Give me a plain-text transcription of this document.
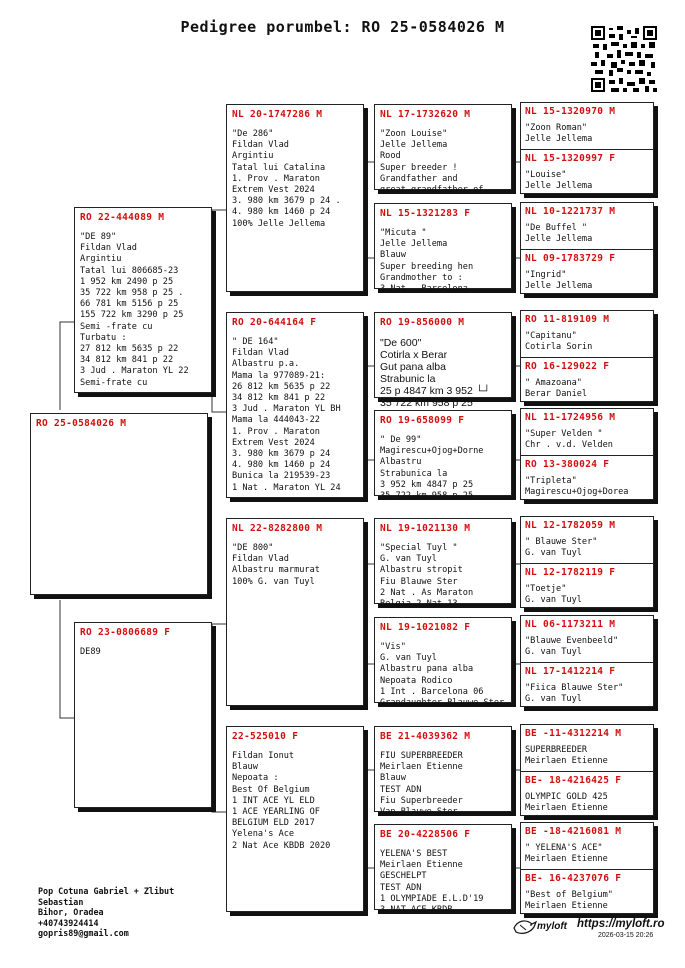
Pedigree porumbel: RO 25-0584026 M
RO 25-0584026 M
RO 22-444089 M
"DE 89"
Fildan Vlad
Argintiu
Tatal lui 806685-23
1 952 km 2490 p 25
35 722 km 958 p 25 .
66 781 km 5156 p 25
155 722 km 3290 p 25
Semi -frate cu
Turbatu :
27 812 km 5635 p 22
34 812 km 841 p 22
3 Jud . Maraton YL 22
Semi-frate cu
RO 23-0806689 F
DE89
NL 20-1747286 M
"De 286"
Fildan Vlad
Argintiu
Tatal lui Catalina
1. Prov . Maraton
Extrem Vest 2024
3. 980 km 3679 p 24 .
4. 980 km 1460 p 24
100% Jelle Jellema
RO 20-644164 F
" DE 164"
Fildan Vlad
Albastru p.a.
Mama la 977089-21:
26 812 km 5635 p 22
34 812 km 841 p 22
3 Jud . Maraton YL BH
Mama la 444043-22
1. Prov . Maraton
Extrem Vest 2024
3. 980 km 3679 p 24
4. 980 km 1460 p 24
Bunica la 219539-23
1 Nat . Maraton YL 24
NL 22-8282800 M
"DE 800"
Fildan Vlad
Albastru marmurat
100% G. van Tuyl
22-525010 F
Fildan Ionut
Blauw
Nepoata :
Best Of Belgium
1 INT ACE YL ELD
1 ACE YEARLING OF
BELGIUM ELD 2017
Yelena's Ace
2 Nat Ace KBDB 2020
NL 17-1732620 M
"Zoon Louise"
Jelle Jellema
Rood
Super breeder !
Grandfather and
great grandfather of
NL 15-1321283 F
"Micuta "
Jelle Jellema
Blauw
Super breeding hen
Grandmother to :
3 Nat . Barcelona
RO 19-856000 M
"De 600"
Cotirla x Berar
Gut pana alba
Strabunic la
25 p 4847 km 3 952 └┘
35 722 km 958 p 25
RO 19-658099 F
" De 99"
Magirescu+Ojog+Dorne
Albastru
Strabunica la
3 952 km 4847 p 25
35 722 km 958 p 25
NL 19-1021130 M
"Special Tuyl "
G. van Tuyl
Albastru stropit
Fiu Blauwe Ster
2 Nat . As Maraton
Belgia 2 Nat 13
NL 19-1021082 F
"Vis"
G. van Tuyl
Albastru pana alba
Nepoata Rodico
1 Int . Barcelona 06
Grandaughter Blauwe Ster
BE 21-4039362 M
FIU SUPERBREEDER
Meirlaen Etienne
Blauw
TEST ADN
Fiu Superbreeder
Van Blauwe Ster
BE 20-4228506 F
YELENA'S BEST
Meirlaen Etienne
GESCHELPT
TEST ADN
1 OLYMPIADE E.L.D'19
3 NAT ACE KBDB
NL 15-1320970 M
"Zoon Roman"
Jelle Jellema
NL 15-1320997 F
"Louise"
Jelle Jellema
NL 10-1221737 M
"De Buffel "
Jelle Jellema
NL 09-1783729 F
"Ingrid"
Jelle Jellema
RO 11-819109 M
"Capitanu"
Cotirla Sorin
RO 16-129022 F
" Amazoana"
Berar Daniel
NL 11-1724956 M
"Super Velden "
Chr . v.d. Velden
RO 13-380024 F
"Tripleta"
Magirescu+Ojog+Dorea
NL 12-1782059 M
" Blauwe Ster"
G. van Tuyl
NL 12-1782119 F
"Toetje"
G. van Tuyl
NL 06-1173211 M
"Blauwe Evenbeeld"
G. van Tuyl
NL 17-1412214 F
"Fiica Blauwe Ster"
G. van Tuyl
BE -11-4312214 M
SUPERBREEDER
Meirlaen Etienne
BE- 18-4216425 F
OLYMPIC GOLD 425
Meirlaen Etienne
BE -18-4216081 M
" YELENA'S ACE"
Meirlaen Etienne
BE- 16-4237076 F
"Best of Belgium"
Meirlaen Etienne
Pop Cotuna Gabriel + Zlibut
Sebastian
Bihor, Oradea
+40743924414
gopris89@gmail.com
myloft https://myloft.ro
2026-03-15 20:26
